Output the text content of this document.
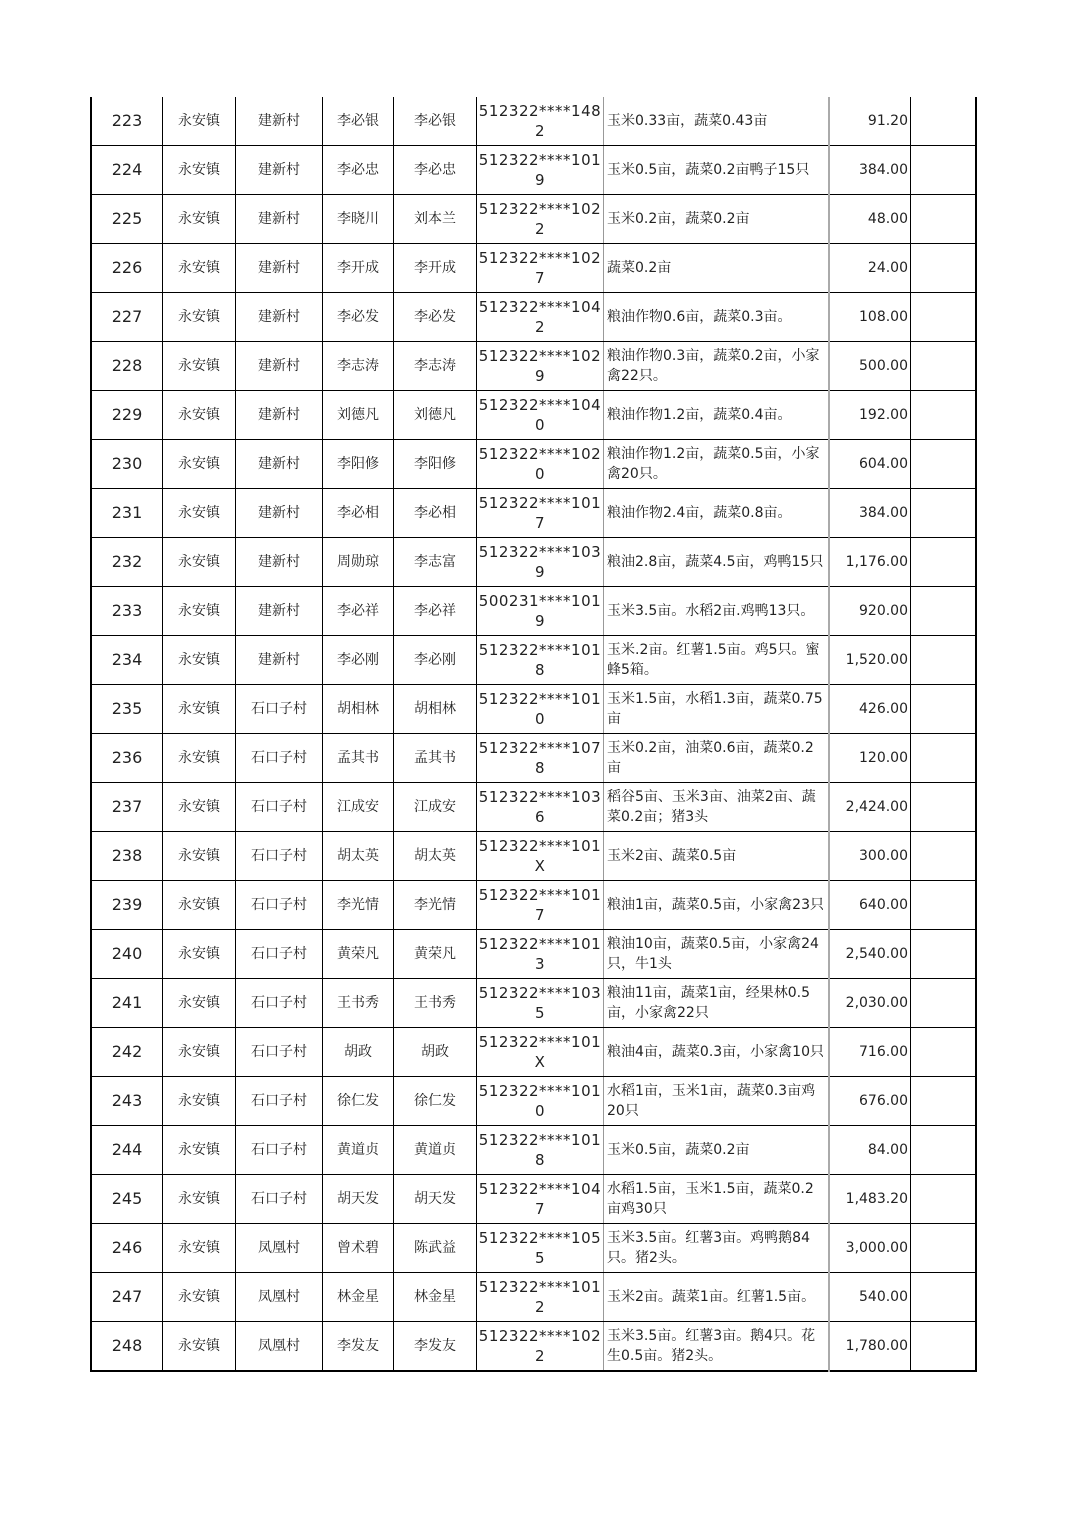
223	永安镇	建新村	李必银	李必银	512322****1482	玉米0.33亩，蔬菜0.43亩	91.20	
224	永安镇	建新村	李必忠	李必忠	512322****1019	玉米0.5亩，蔬菜0.2亩鸭子15只	384.00	
225	永安镇	建新村	李晓川	刘本兰	512322****1022	玉米0.2亩，蔬菜0.2亩	48.00	
226	永安镇	建新村	李开成	李开成	512322****1027	蔬菜0.2亩	24.00	
227	永安镇	建新村	李必发	李必发	512322****1042	粮油作物0.6亩，蔬菜0.3亩。	108.00	
228	永安镇	建新村	李志涛	李志涛	512322****1029	粮油作物0.3亩，蔬菜0.2亩，小家禽22只。	500.00	
229	永安镇	建新村	刘德凡	刘德凡	512322****1040	粮油作物1.2亩，蔬菜0.4亩。	192.00	
230	永安镇	建新村	李阳修	李阳修	512322****1020	粮油作物1.2亩，蔬菜0.5亩，小家禽20只。	604.00	
231	永安镇	建新村	李必相	李必相	512322****1017	粮油作物2.4亩，蔬菜0.8亩。	384.00	
232	永安镇	建新村	周勋琼	李志富	512322****1039	粮油2.8亩，蔬菜4.5亩，鸡鸭15只	1,176.00	
233	永安镇	建新村	李必祥	李必祥	500231****1019	玉米3.5亩。水稻2亩.鸡鸭13只。	920.00	
234	永安镇	建新村	李必刚	李必刚	512322****1018	玉米.2亩。红薯1.5亩。鸡5只。蜜蜂5箱。	1,520.00	
235	永安镇	石口子村	胡相林	胡相林	512322****1010	玉米1.5亩，水稻1.3亩，蔬菜0.75亩	426.00	
236	永安镇	石口子村	孟其书	孟其书	512322****1078	玉米0.2亩，油菜0.6亩，蔬菜0.2亩	120.00	
237	永安镇	石口子村	江成安	江成安	512322****1036	稻谷5亩、玉米3亩、油菜2亩、蔬菜0.2亩；猪3头	2,424.00	
238	永安镇	石口子村	胡太英	胡太英	512322****101X	玉米2亩、蔬菜0.5亩	300.00	
239	永安镇	石口子村	李光情	李光情	512322****1017	粮油1亩，蔬菜0.5亩，小家禽23只	640.00	
240	永安镇	石口子村	黄荣凡	黄荣凡	512322****1013	粮油10亩，蔬菜0.5亩，小家禽24只，牛1头	2,540.00	
241	永安镇	石口子村	王书秀	王书秀	512322****1035	粮油11亩，蔬菜1亩，经果林0.5亩，小家禽22只	2,030.00	
242	永安镇	石口子村	胡政	胡政	512322****101X	粮油4亩，蔬菜0.3亩，小家禽10只	716.00	
243	永安镇	石口子村	徐仁发	徐仁发	512322****1010	水稻1亩，玉米1亩，蔬菜0.3亩鸡20只	676.00	
244	永安镇	石口子村	黄道贞	黄道贞	512322****1018	玉米0.5亩，蔬菜0.2亩	84.00	
245	永安镇	石口子村	胡天发	胡天发	512322****1047	水稻1.5亩，玉米1.5亩，蔬菜0.2亩鸡30只	1,483.20	
246	永安镇	凤凰村	曾术碧	陈武益	512322****1055	玉米3.5亩。红薯3亩。鸡鸭鹅84只。猪2头。	3,000.00	
247	永安镇	凤凰村	林金星	林金星	512322****1012	玉米2亩。蔬菜1亩。红薯1.5亩。	540.00	
248	永安镇	凤凰村	李发友	李发友	512322****1022	玉米3.5亩。红薯3亩。鹅4只。花生0.5亩。猪2头。	1,780.00	
